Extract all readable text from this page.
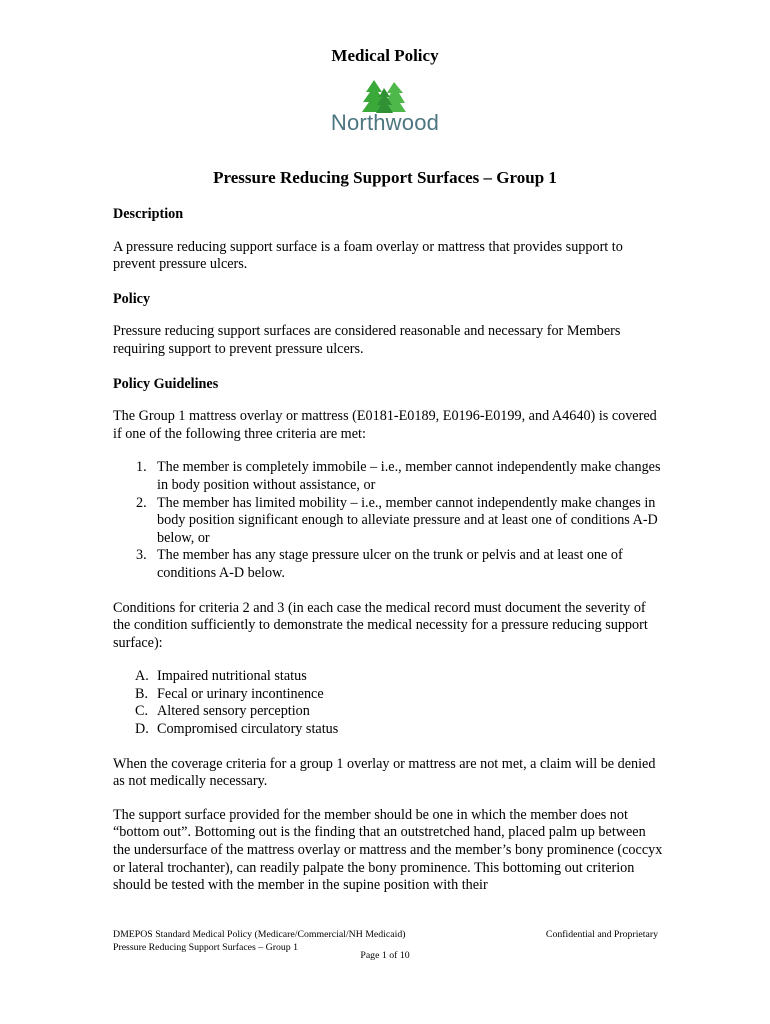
Medical Policy
Northwood
Pressure Reducing Support Surfaces – Group 1
Description

A pressure reducing support surface is a foam overlay or mattress that provides support to prevent pressure ulcers.

Policy

Pressure reducing support surfaces are considered reasonable and necessary for Members requiring support to prevent pressure ulcers.

Policy Guidelines

The Group 1 mattress overlay or mattress (E0181-E0189, E0196-E0199, and A4640) is covered if one of the following three criteria are met:

1. The member is completely immobile – i.e., member cannot independently make changes in body position without assistance, or
2. The member has limited mobility – i.e., member cannot independently make changes in body position significant enough to alleviate pressure and at least one of conditions A-D below, or
3. The member has any stage pressure ulcer on the trunk or pelvis and at least one of conditions A-D below.

Conditions for criteria 2 and 3 (in each case the medical record must document the severity of the condition sufficiently to demonstrate the medical necessity for a pressure reducing support surface):

A. Impaired nutritional status
B. Fecal or urinary incontinence
C. Altered sensory perception
D. Compromised circulatory status

When the coverage criteria for a group 1 overlay or mattress are not met, a claim will be denied as not medically necessary.

The support surface provided for the member should be one in which the member does not “bottom out”. Bottoming out is the finding that an outstretched hand, placed palm up between the undersurface of the mattress overlay or mattress and the member’s bony prominence (coccyx or lateral trochanter), can readily palpate the bony prominence. This bottoming out criterion should be tested with the member in the supine position with their

DMEPOS Standard Medical Policy (Medicare/Commercial/NH Medicaid)
Pressure Reducing Support Surfaces – Group 1
Confidential and Proprietary
Page 1 of 10
